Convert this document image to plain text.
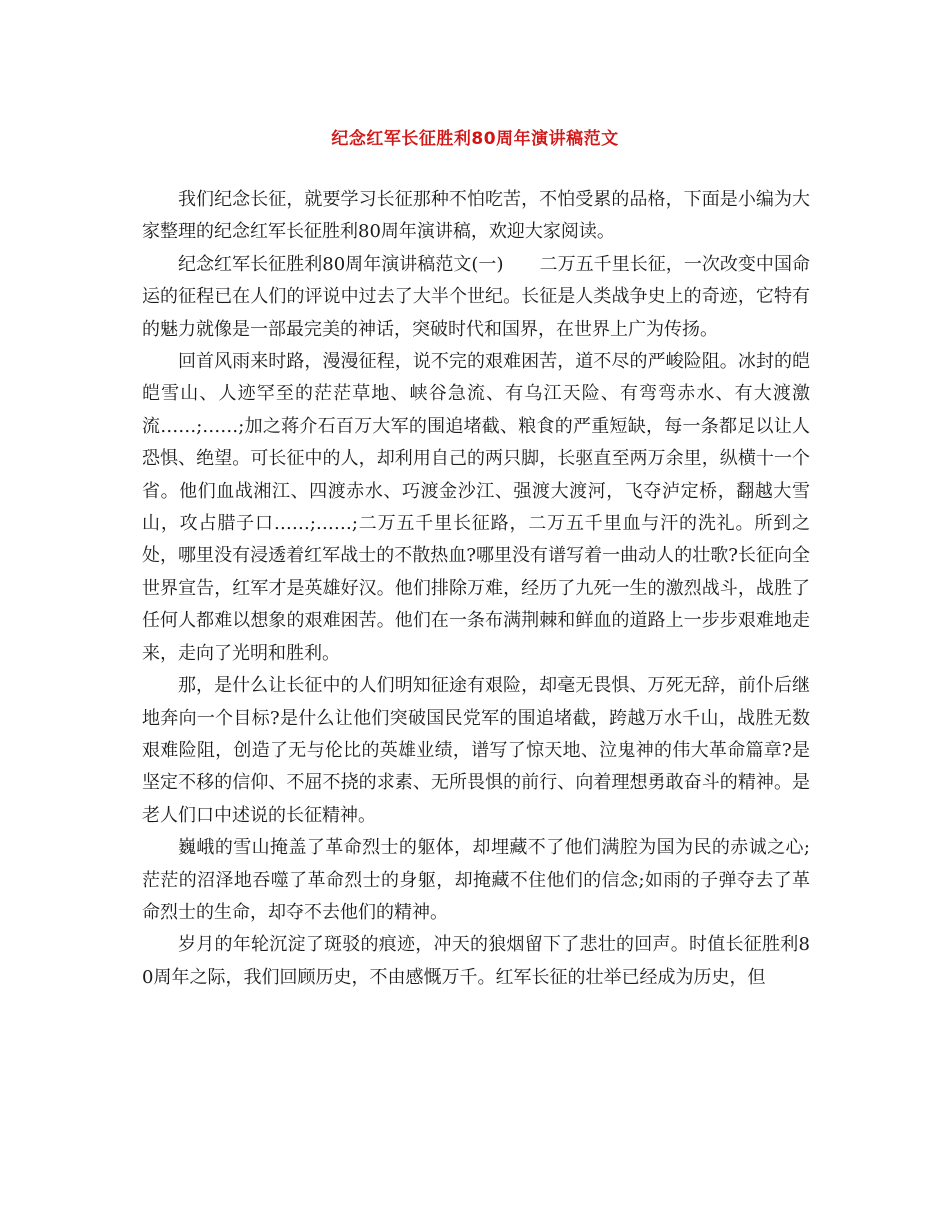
纪念红军长征胜利80周年演讲稿范文

我们纪念长征，就要学习长征那种不怕吃苦，不怕受累的品格，下面是小编为大家整理的纪念红军长征胜利80周年演讲稿，欢迎大家阅读。

纪念红军长征胜利80周年演讲稿范文(一)　　二万五千里长征，一次改变中国命运的征程已在人们的评说中过去了大半个世纪。长征是人类战争史上的奇迹，它特有的魅力就像是一部最完美的神话，突破时代和国界，在世界上广为传扬。

回首风雨来时路，漫漫征程，说不完的艰难困苦，道不尽的严峻险阻。冰封的皑皑雪山、人迹罕至的茫茫草地、峡谷急流、有乌江天险、有弯弯赤水、有大渡激流……;……;加之蒋介石百万大军的围追堵截、粮食的严重短缺，每一条都足以让人恐惧、绝望。可长征中的人，却利用自己的两只脚，长驱直至两万余里，纵横十一个省。他们血战湘江、四渡赤水、巧渡金沙江、强渡大渡河，飞夺泸定桥，翻越大雪山，攻占腊子口……;……;二万五千里长征路，二万五千里血与汗的洗礼。所到之处，哪里没有浸透着红军战士的不散热血?哪里没有谱写着一曲动人的壮歌?长征向全世界宣告，红军才是英雄好汉。他们排除万难，经历了九死一生的激烈战斗，战胜了任何人都难以想象的艰难困苦。他们在一条布满荆棘和鲜血的道路上一步步艰难地走来，走向了光明和胜利。

那，是什么让长征中的人们明知征途有艰险，却毫无畏惧、万死无辞，前仆后继地奔向一个目标?是什么让他们突破国民党军的围追堵截，跨越万水千山，战胜无数艰难险阻，创造了无与伦比的英雄业绩，谱写了惊天地、泣鬼神的伟大革命篇章?是坚定不移的信仰、不屈不挠的求素、无所畏惧的前行、向着理想勇敢奋斗的精神。是老人们口中述说的长征精神。

巍峨的雪山掩盖了革命烈士的躯体，却埋藏不了他们满腔为国为民的赤诚之心;茫茫的沼泽地吞噬了革命烈士的身躯，却掩藏不住他们的信念;如雨的子弹夺去了革命烈士的生命，却夺不去他们的精神。

岁月的年轮沉淀了斑驳的痕迹，冲天的狼烟留下了悲壮的回声。时值长征胜利80周年之际，我们回顾历史，不由感慨万千。红军长征的壮举已经成为历史，但
